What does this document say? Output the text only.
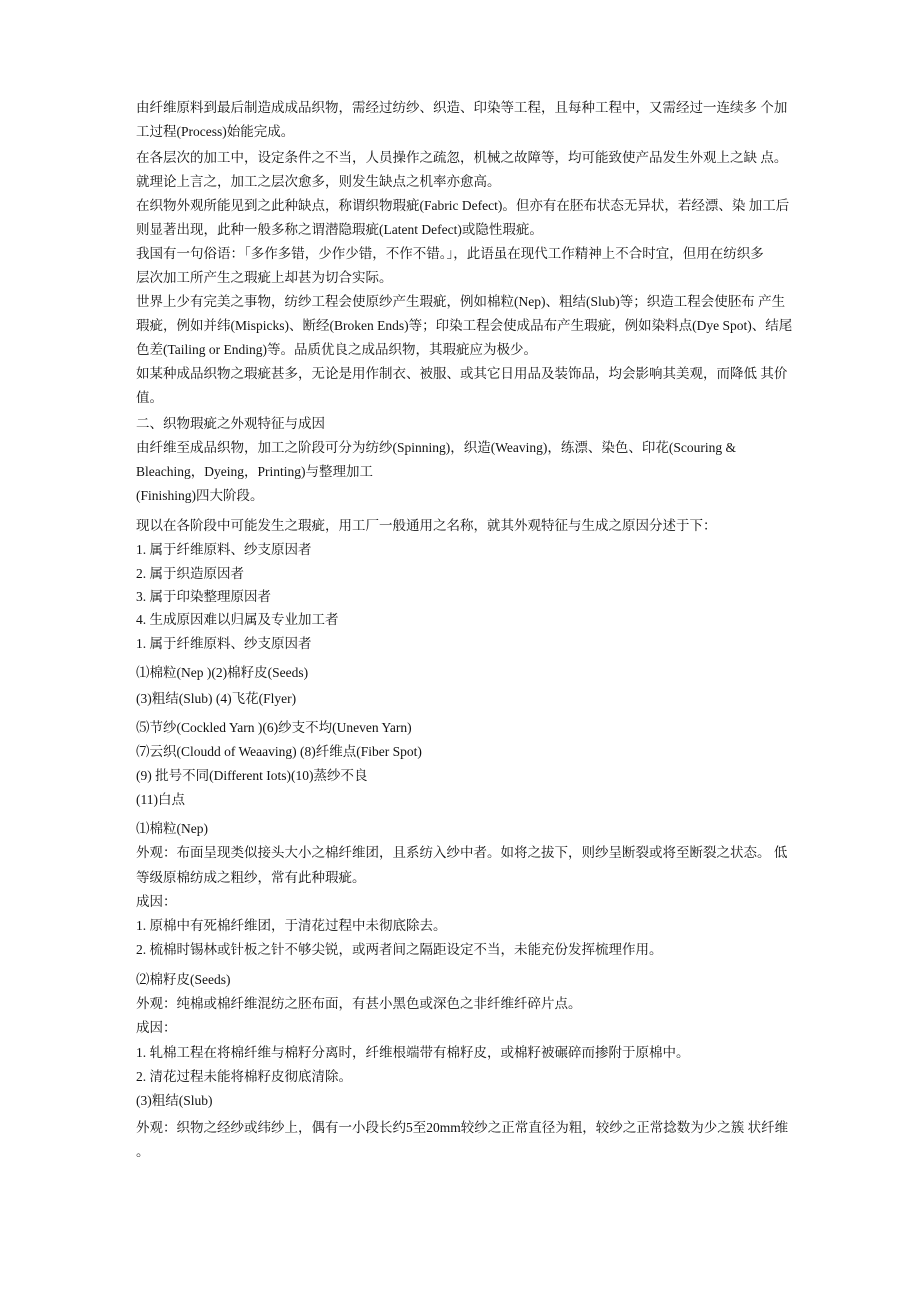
由纤维原料到最后制造成成品织物，需经过纺纱、织造、印染等工程，且每种工程中，又需经过一连续多 个加
工过程(Process)始能完成。
在各层次的加工中，设定条件之不当，人员操作之疏忽，机械之故障等，均可能致使产品发生外观上之缺 点。
就理论上言之，加工之层次愈多，则发生缺点之机率亦愈高。
在织物外观所能见到之此种缺点，称谓织物瑕疵(Fabric Defect)。但亦有在胚布状态无异状，若经漂、染 加工后
则显著出现，此种一般多称之谓潜隐瑕疵(Latent Defect)或隐性瑕疵。
我国有一句俗语：「多作多错，少作少错，不作不错。」，此语虽在现代工作精神上不合时宜，但用在纺织多
层次加工所产生之瑕疵上却甚为切合实际。
世界上少有完美之事物，纺纱工程会使原纱产生瑕疵，例如棉粒(Nep)、粗结(Slub)等；织造工程会使胚布 产生
瑕疵，例如并纬(Mispicks)、断经(Broken Ends)等；印染工程会使成品布产生瑕疵，例如染料点(Dye Spot)、结尾
色差(Tailing or Ending)等。品质优良之成品织物，其瑕疵应为极少。
如某种成品织物之瑕疵甚多，无论是用作制衣、被服、或其它日用品及装饰品，均会影响其美观，而降低 其价
值。
二、织物瑕疵之外观特征与成因
由纤维至成品织物，加工之阶段可分为纺纱(Spinning)，织造(Weaving)，练漂、染色、印花(Scouring &
Bleaching，Dyeing，Printing)与整理加工
(Finishing)四大阶段。
现以在各阶段中可能发生之瑕疵，用工厂一般通用之名称，就其外观特征与生成之原因分述于下：
1. 属于纤维原料、纱支原因者
2. 属于织造原因者
3. 属于印染整理原因者
4. 生成原因难以归属及专业加工者
1. 属于纤维原料、纱支原因者
⑴棉粒(Nep )(2)棉籽皮(Seeds)
(3)粗结(Slub) (4)飞花(Flyer)
⑸节纱(Cockled Yarn )(6)纱支不均(Uneven Yarn)
⑺云织(Cloudd of Weaaving) (8)纤维点(Fiber Spot)
(9) 批号不同(Different Iots)(10)蒸纱不良
(11)白点
⑴棉粒(Nep)
外观：布面呈现类似接头大小之棉纤维团，且系纺入纱中者。如将之拔下，则纱呈断裂或将至断裂之状态。 低
等级原棉纺成之粗纱，常有此种瑕疵。
成因：
1. 原棉中有死棉纤维团，于清花过程中未彻底除去。
2. 梳棉时锡林或针板之针不够尖锐，或两者间之隔距设定不当，未能充份发挥梳理作用。
⑵棉籽皮(Seeds)
外观：纯棉或棉纤维混纺之胚布面，有甚小黑色或深色之非纤维纤碎片点。
成因：
1. 轧棉工程在将棉纤维与棉籽分离时，纤维根端带有棉籽皮，或棉籽被碾碎而掺附于原棉中。
2. 清花过程未能将棉籽皮彻底清除。
(3)粗结(Slub)
外观：织物之经纱或纬纱上，偶有一小段长约5至20mm较纱之正常直径为粗，较纱之正常捻数为少之簇 状纤维
。
